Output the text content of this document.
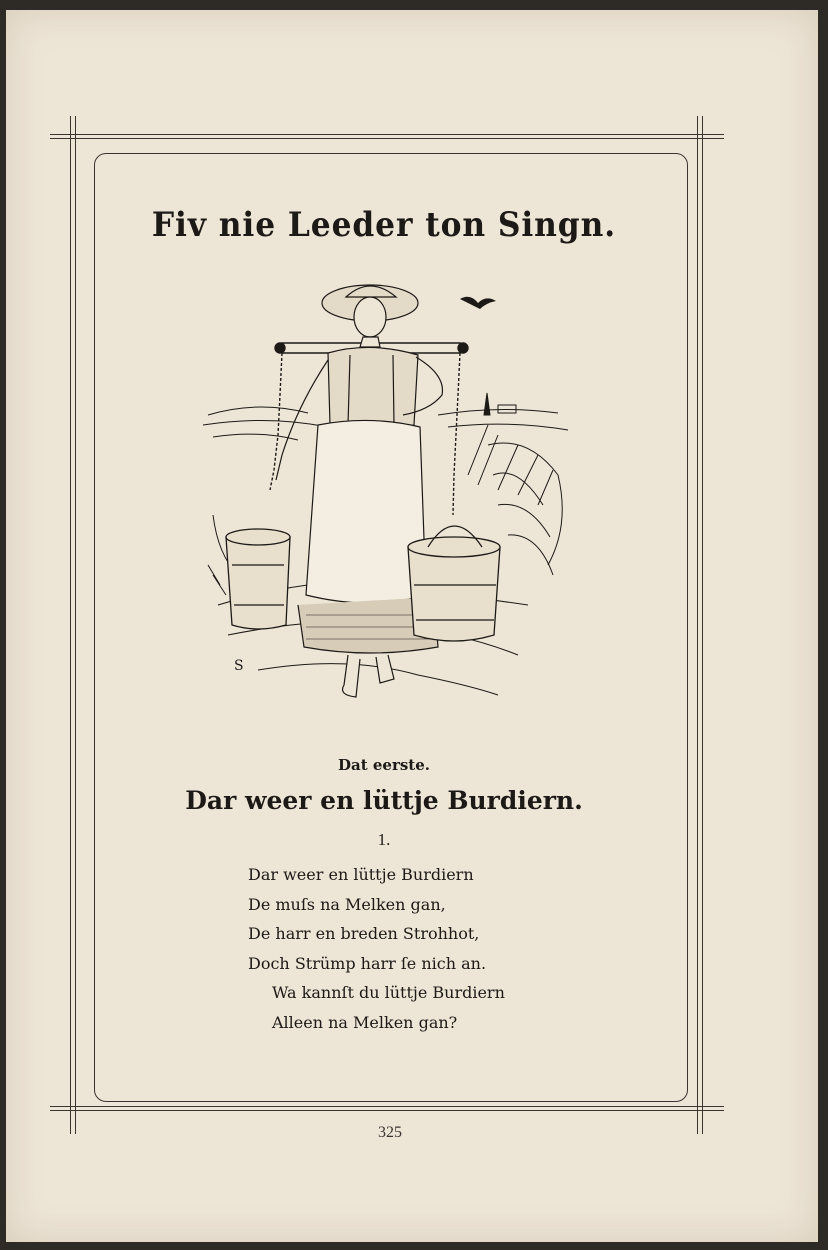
Fiv nie Leeder ton Singn.
S
Dat eerste.
Dar weer en lüttje Burdiern.
1.
Dar weer en lüttje Burdiern
De muſs na Melken gan,
De harr en breden Strohhot,
Doch Strümp harr ſe nich an.
Wa kannſt du lüttje Burdiern
Alleen na Melken gan?
325
